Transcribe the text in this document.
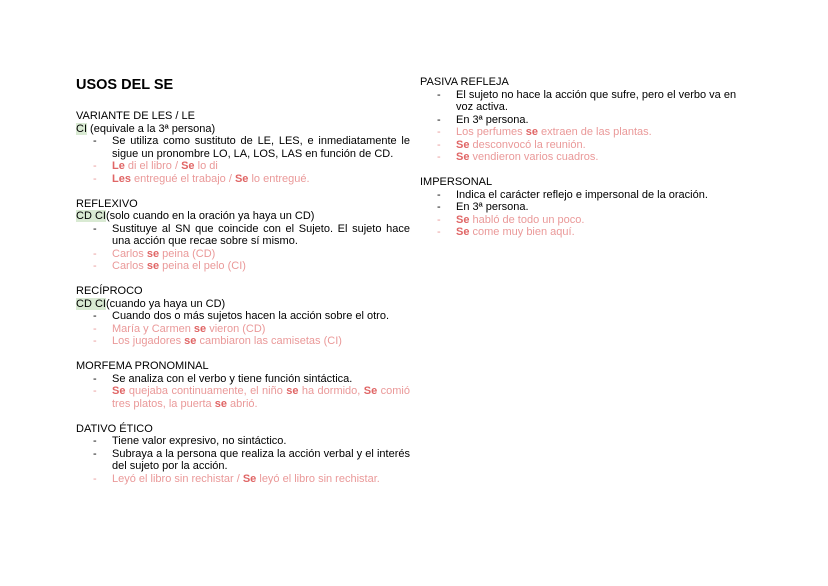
USOS DEL SE
VARIANTE DE LES / LE
CI (equivale a la 3ª persona)
- Se utiliza como sustituto de LE, LES, e inmediatamente le sigue un pronombre LO, LA, LOS, LAS en función de CD.
- Le di el libro / Se lo di
- Les entregué el trabajo / Se lo entregué.
REFLEXIVO
CD CI(solo cuando en la oración ya haya un CD)
- Sustituye al SN que coincide con el Sujeto. El sujeto hace una acción que recae sobre sí mismo.
- Carlos se peina (CD)
- Carlos se peina el pelo (CI)
RECÍPROCO
CD CI(cuando ya haya un CD)
- Cuando dos o más sujetos hacen la acción sobre el otro.
- María y Carmen se vieron (CD)
- Los jugadores se cambiaron las camisetas (CI)
MORFEMA PRONOMINAL
- Se analiza con el verbo y tiene función sintáctica.
- Se quejaba continuamente, el niño se ha dormido, Se comió tres platos, la puerta se abrió.
DATIVO ÉTICO
- Tiene valor expresivo, no sintáctico.
- Subraya a la persona que realiza la acción verbal y el interés del sujeto por la acción.
- Leyó el libro sin rechistar / Se leyó el libro sin rechistar.
PASIVA REFLEJA
- El sujeto no hace la acción que sufre, pero el verbo va en voz activa.
- En 3ª persona.
- Los perfumes se extraen de las plantas.
- Se desconvocó la reunión.
- Se vendieron varios cuadros.
IMPERSONAL
- Indica el carácter reflejo e impersonal de la oración.
- En 3ª persona.
- Se habló de todo un poco.
- Se come muy bien aquí.
